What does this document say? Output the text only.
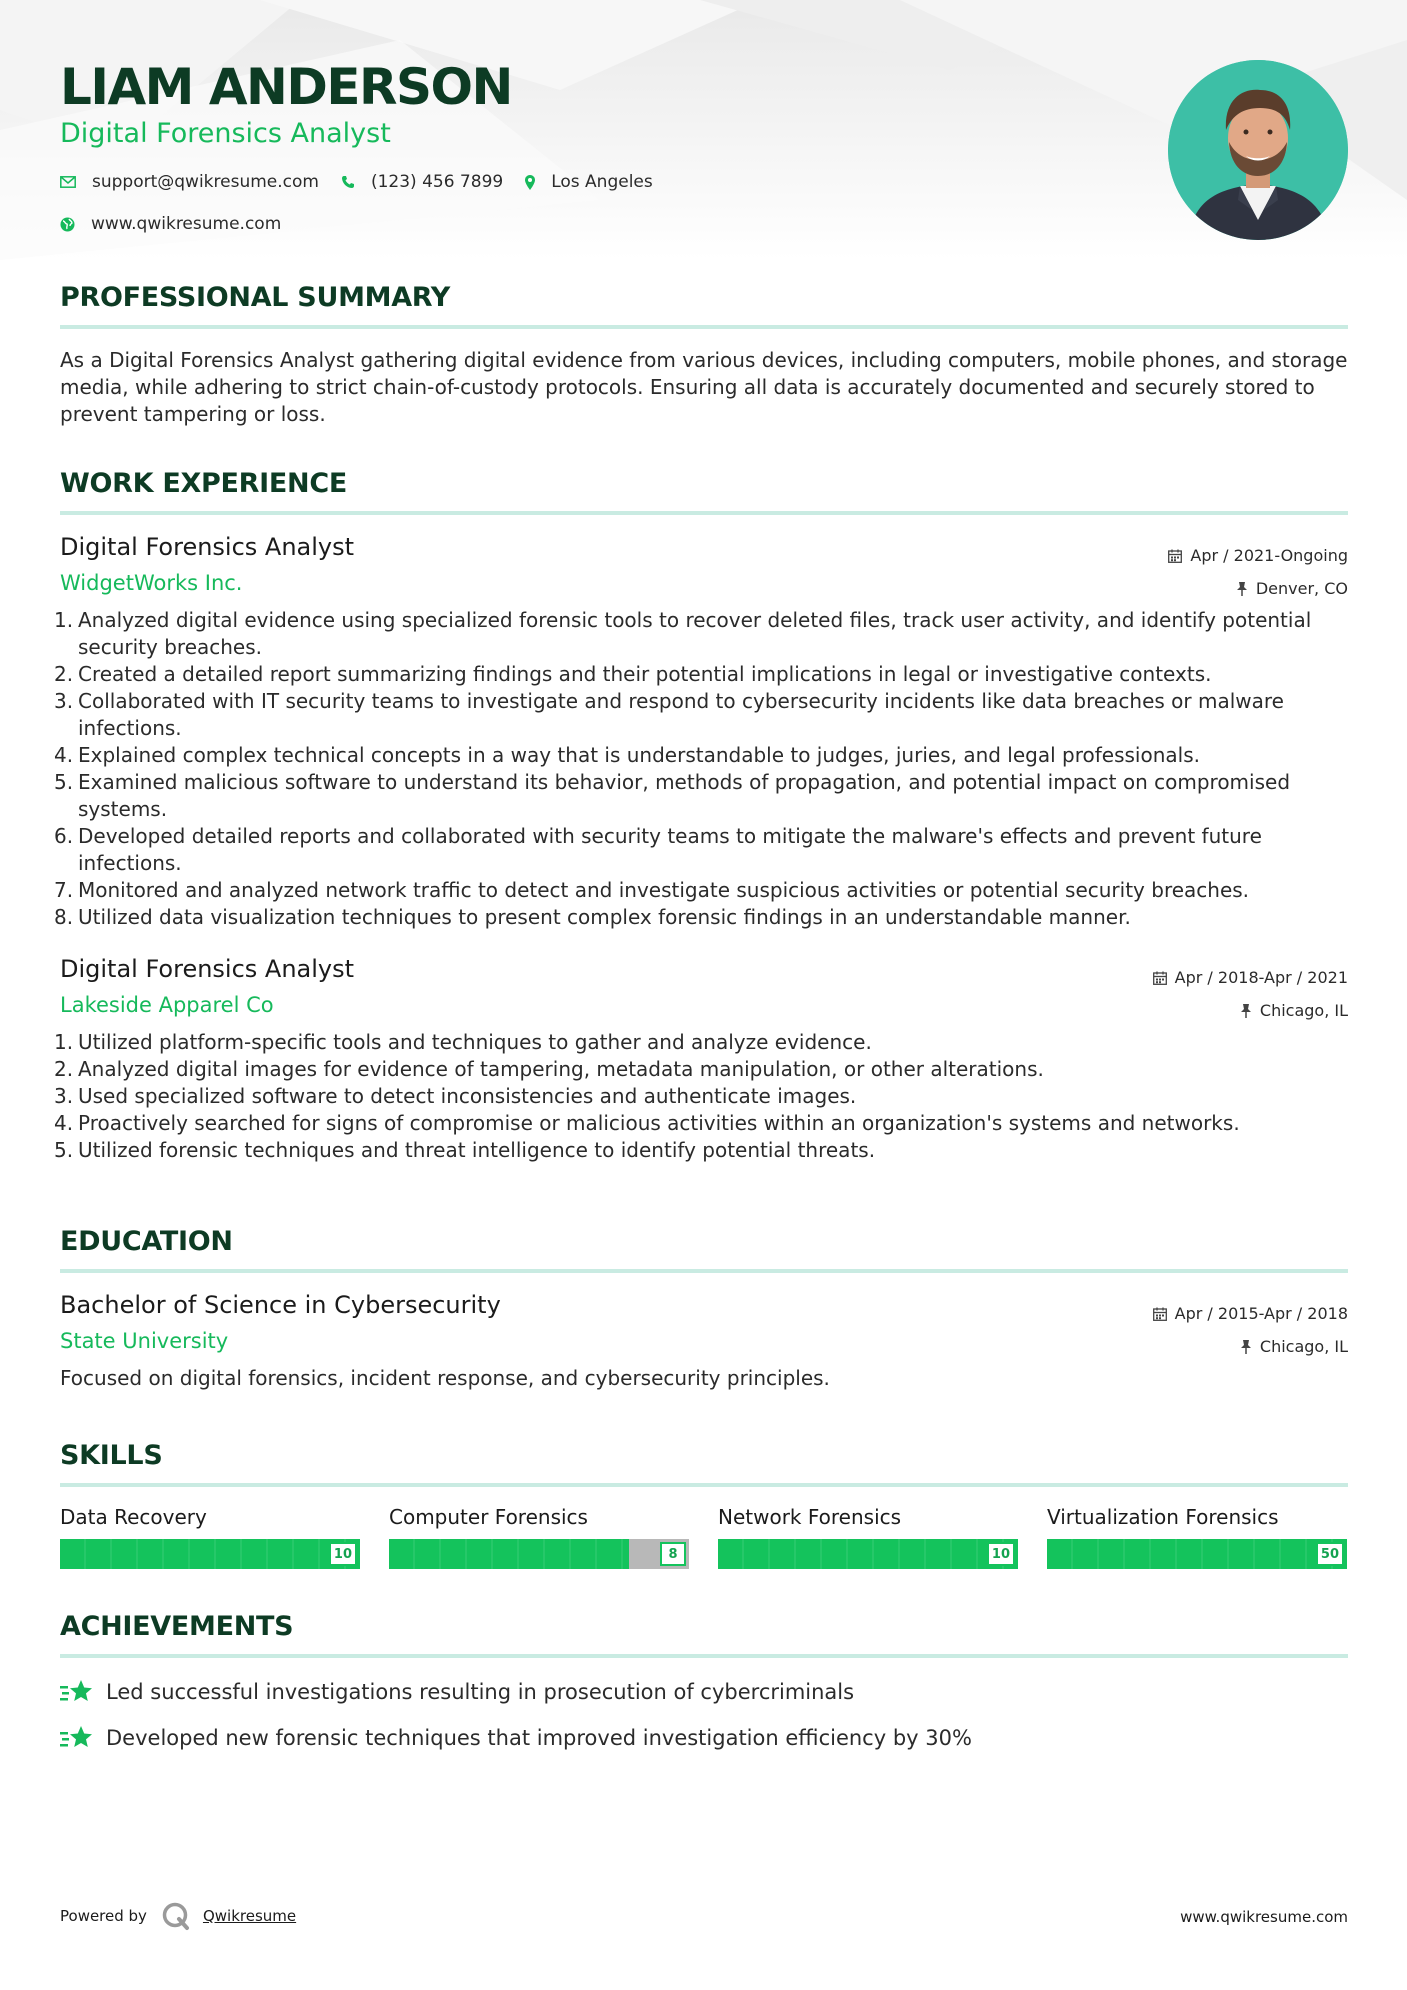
LIAM ANDERSON
Digital Forensics Analyst
support@qwikresume.com	(123) 456 7899	Los Angeles
www.qwikresume.com
PROFESSIONAL SUMMARY
As a Digital Forensics Analyst gathering digital evidence from various devices, including computers, mobile phones, and storage media, while adhering to strict chain-of-custody protocols. Ensuring all data is accurately documented and securely stored to prevent tampering or loss.
WORK EXPERIENCE
Digital Forensics Analyst
WidgetWorks Inc.
Apr / 2021-Ongoing
Denver, CO
1. Analyzed digital evidence using specialized forensic tools to recover deleted files, track user activity, and identify potential security breaches.
2. Created a detailed report summarizing findings and their potential implications in legal or investigative contexts.
3. Collaborated with IT security teams to investigate and respond to cybersecurity incidents like data breaches or malware infections.
4. Explained complex technical concepts in a way that is understandable to judges, juries, and legal professionals.
5. Examined malicious software to understand its behavior, methods of propagation, and potential impact on compromised systems.
6. Developed detailed reports and collaborated with security teams to mitigate the malware's effects and prevent future infections.
7. Monitored and analyzed network traffic to detect and investigate suspicious activities or potential security breaches.
8. Utilized data visualization techniques to present complex forensic findings in an understandable manner.
Digital Forensics Analyst
Lakeside Apparel Co
Apr / 2018-Apr / 2021
Chicago, IL
1. Utilized platform-specific tools and techniques to gather and analyze evidence.
2. Analyzed digital images for evidence of tampering, metadata manipulation, or other alterations.
3. Used specialized software to detect inconsistencies and authenticate images.
4. Proactively searched for signs of compromise or malicious activities within an organization's systems and networks.
5. Utilized forensic techniques and threat intelligence to identify potential threats.
EDUCATION
Bachelor of Science in Cybersecurity
State University
Apr / 2015-Apr / 2018
Chicago, IL
Focused on digital forensics, incident response, and cybersecurity principles.
SKILLS
Data Recovery
10
Computer Forensics
8
Network Forensics
10
Virtualization Forensics
50
ACHIEVEMENTS
Led successful investigations resulting in prosecution of cybercriminals
Developed new forensic techniques that improved investigation efficiency by 30%
Powered by	Qwikresume	www.qwikresume.com
